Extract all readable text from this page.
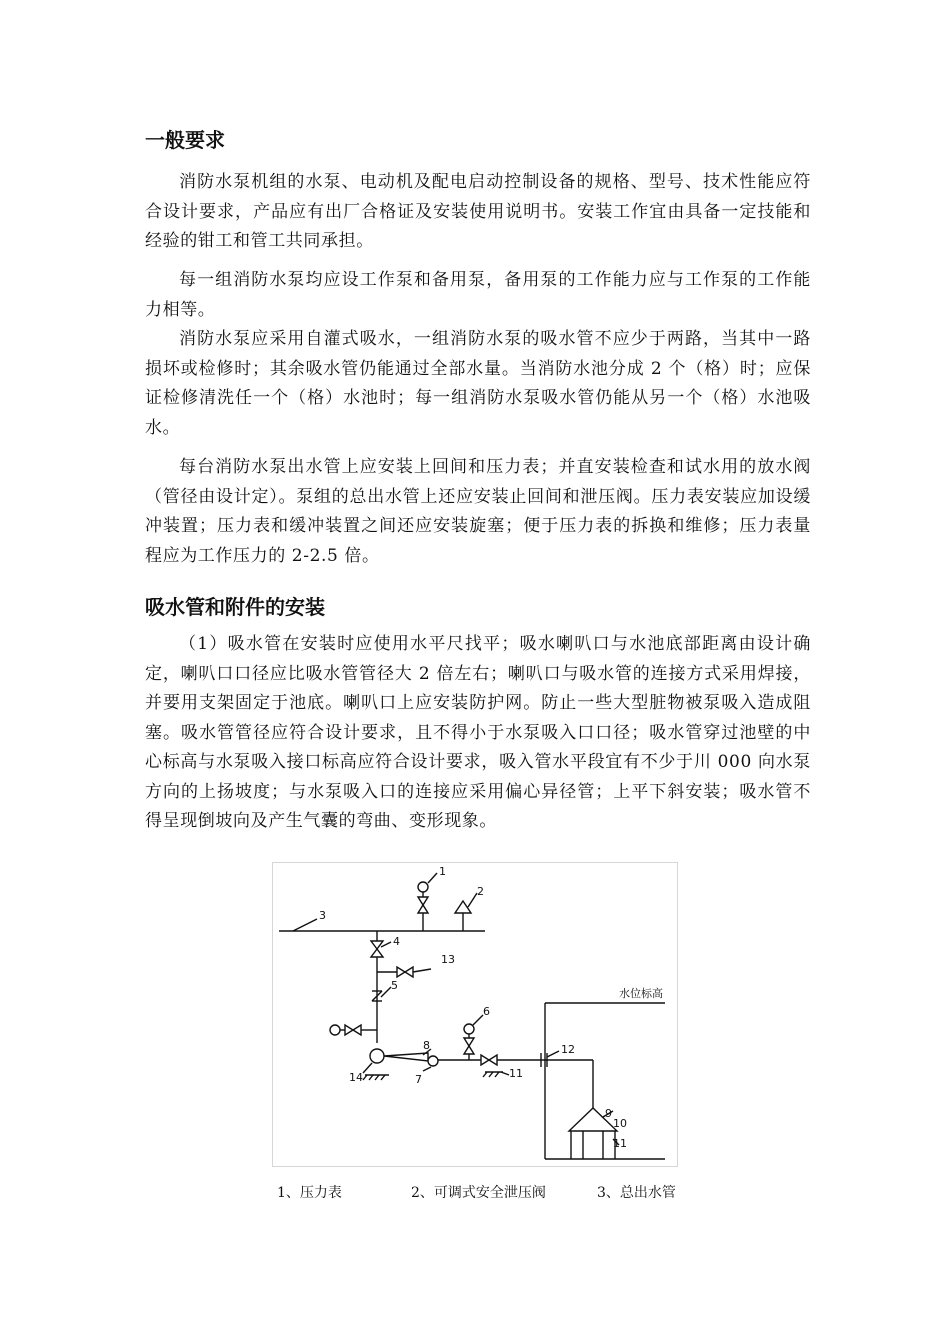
一般要求

消防水泵机组的水泵、电动机及配电启动控制设备的规格、型号、技术性能应符合设计要求，产品应有出厂合格证及安装使用说明书。安装工作宜由具备一定技能和经验的钳工和管工共同承担。

每一组消防水泵均应设工作泵和备用泵，备用泵的工作能力应与工作泵的工作能力相等。

消防水泵应采用自灌式吸水，一组消防水泵的吸水管不应少于两路，当其中一路损坏或检修时；其余吸水管仍能通过全部水量。当消防水池分成 2 个（格）时；应保证检修清洗任一个（格）水池时；每一组消防水泵吸水管仍能从另一个（格）水池吸水。

每台消防水泵出水管上应安装上回间和压力表；并直安装检查和试水用的放水阀（管径由设计定）。泵组的总出水管上还应安装止回间和泄压阀。压力表安装应加设缓冲装置；压力表和缓冲装置之间还应安装旋塞；便于压力表的拆换和维修；压力表量程应为工作压力的 2-2.5 倍。

吸水管和附件的安装

（1）吸水管在安装时应使用水平尺找平；吸水喇叭口与水池底部距离由设计确定，喇叭口口径应比吸水管管径大 2 倍左右；喇叭口与吸水管的连接方式采用焊接，并要用支架固定于池底。喇叭口上应安装防护网。防止一些大型脏物被泵吸入造成阻塞。吸水管管径应符合设计要求，且不得小于水泵吸入口口径；吸水管穿过池壁的中心标高与水泵吸入接口标高应符合设计要求，吸入管水平段宜有不少于川 000 向水泵方向的上扬坡度；与水泵吸入口的连接应采用偏心异径管；上平下斜安装；吸水管不得呈现倒坡向及产生气囊的弯曲、变形现象。

1
2
3
4
5
6
7
8
9
10
11
11
12
13
14
水位标高
1、压力表	2、可调式安全泄压阀	3、总出水管
